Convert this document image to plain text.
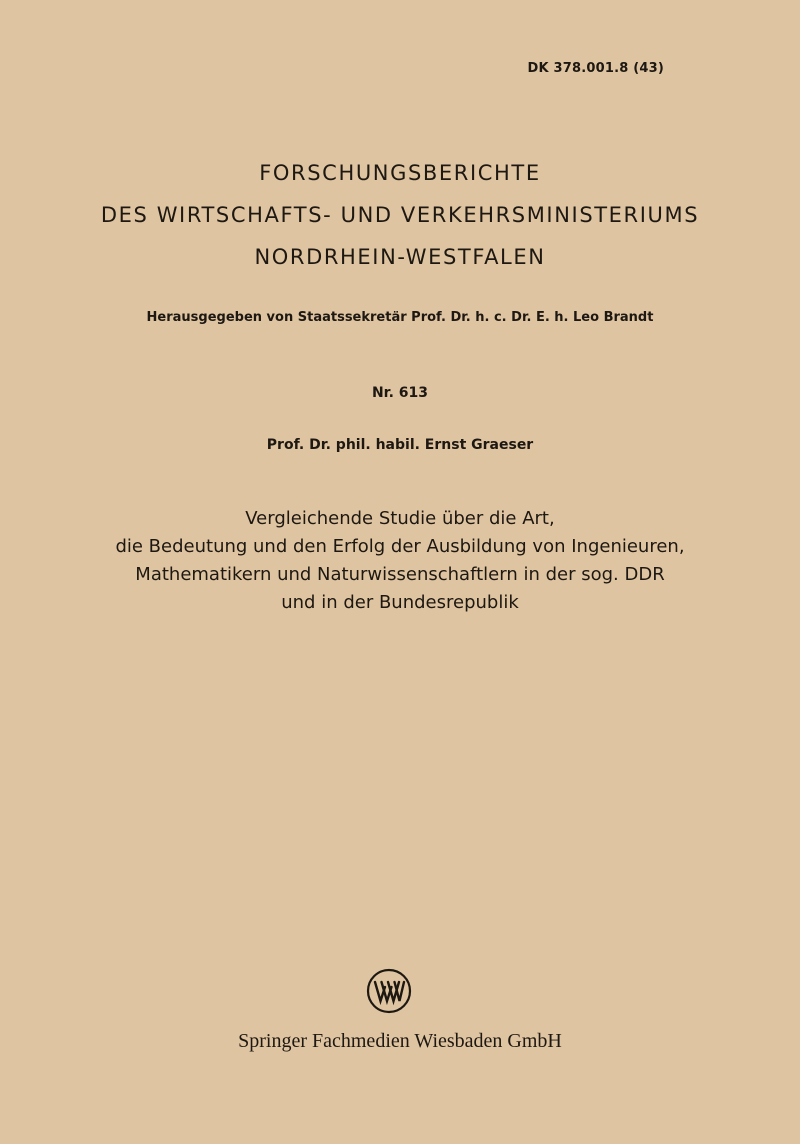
DK 378.001.8 (43)
FORSCHUNGSBERICHTE
DES WIRTSCHAFTS- UND VERKEHRSMINISTERIUMS
NORDRHEIN-WESTFALEN
Herausgegeben von Staatssekretär Prof. Dr. h. c. Dr. E. h. Leo Brandt
Nr. 613
Prof. Dr. phil. habil. Ernst Graeser
Vergleichende Studie über die Art,
die Bedeutung und den Erfolg der Ausbildung von Ingenieuren,
Mathematikern und Naturwissenschaftlern in der sog. DDR
und in der Bundesrepublik
Springer Fachmedien Wiesbaden GmbH
